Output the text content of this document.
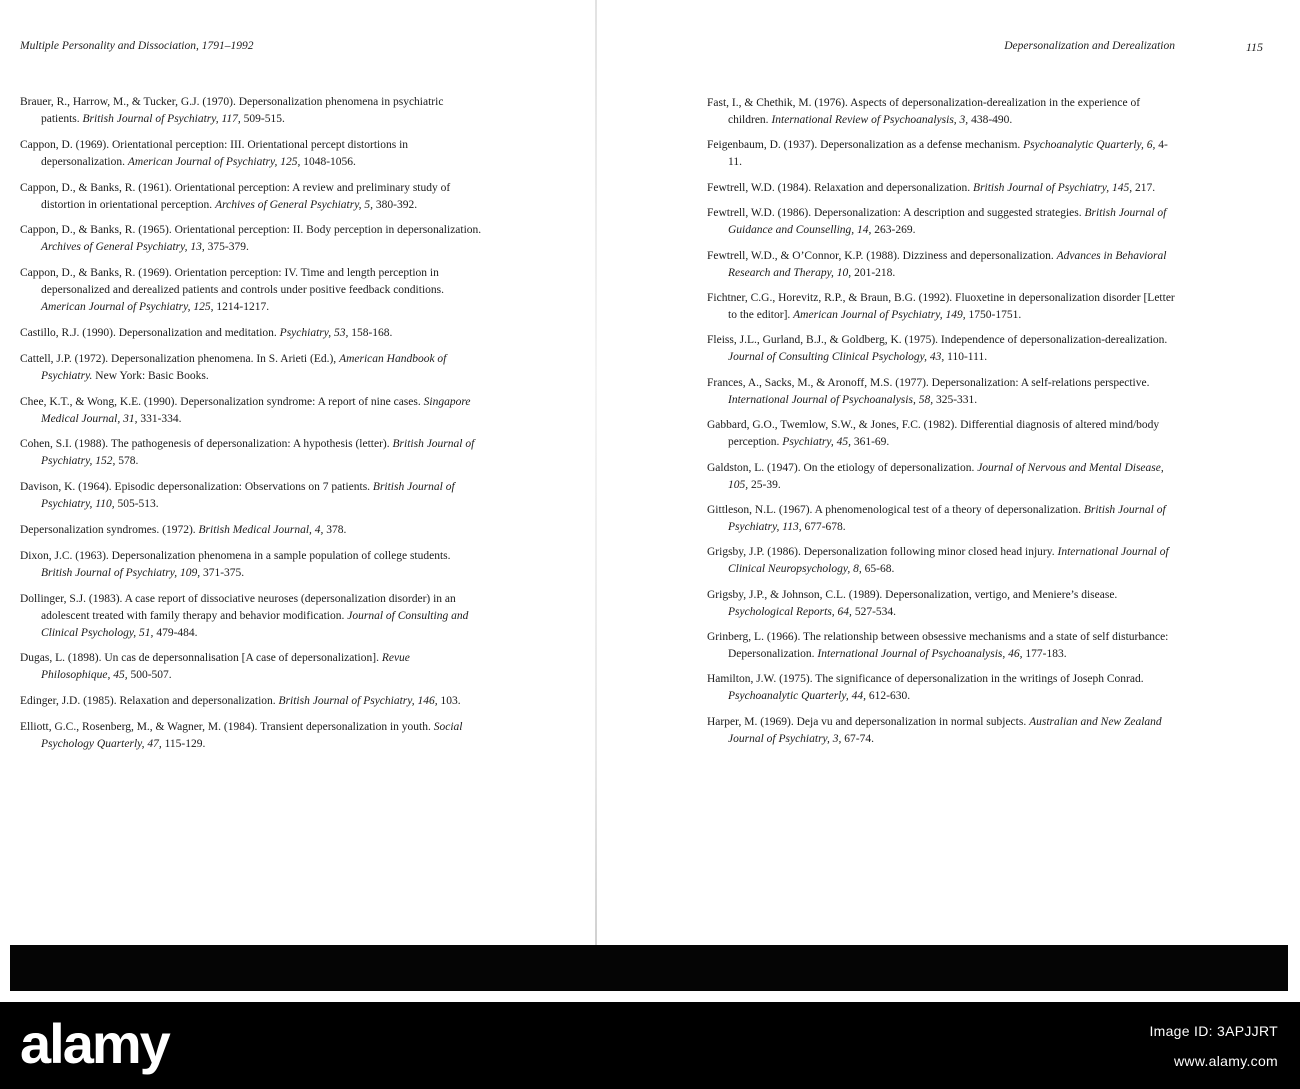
Multiple Personality and Dissociation, 1791–1992	Depersonalization and Derealization	115

Brauer, R., Harrow, M., & Tucker, G.J. (1970). Depersonalization phenomena in psychiatric patients. British Journal of Psychiatry, 117, 509-515.

Cappon, D. (1969). Orientational perception: III. Orientational percept distortions in depersonalization. American Journal of Psychiatry, 125, 1048-1056.

Cappon, D., & Banks, R. (1961). Orientational perception: A review and preliminary study of distortion in orientational perception. Archives of General Psychiatry, 5, 380-392.

Cappon, D., & Banks, R. (1965). Orientational perception: II. Body perception in depersonalization. Archives of General Psychiatry, 13, 375-379.

Cappon, D., & Banks, R. (1969). Orientation perception: IV. Time and length perception in depersonalized and derealized patients and controls under positive feedback conditions. American Journal of Psychiatry, 125, 1214-1217.

Castillo, R.J. (1990). Depersonalization and meditation. Psychiatry, 53, 158-168.

Cattell, J.P. (1972). Depersonalization phenomena. In S. Arieti (Ed.), American Handbook of Psychiatry. New York: Basic Books.

Chee, K.T., & Wong, K.E. (1990). Depersonalization syndrome: A report of nine cases. Singapore Medical Journal, 31, 331-334.

Cohen, S.I. (1988). The pathogenesis of depersonalization: A hypothesis (letter). British Journal of Psychiatry, 152, 578.

Davison, K. (1964). Episodic depersonalization: Observations on 7 patients. British Journal of Psychiatry, 110, 505-513.

Depersonalization syndromes. (1972). British Medical Journal, 4, 378.

Dixon, J.C. (1963). Depersonalization phenomena in a sample population of college students. British Journal of Psychiatry, 109, 371-375.

Dollinger, S.J. (1983). A case report of dissociative neuroses (depersonalization disorder) in an adolescent treated with family therapy and behavior modification. Journal of Consulting and Clinical Psychology, 51, 479-484.

Dugas, L. (1898). Un cas de depersonnalisation [A case of depersonalization]. Revue Philosophique, 45, 500-507.

Edinger, J.D. (1985). Relaxation and depersonalization. British Journal of Psychiatry, 146, 103.

Elliott, G.C., Rosenberg, M., & Wagner, M. (1984). Transient depersonalization in youth. Social Psychology Quarterly, 47, 115-129.

Fast, I., & Chethik, M. (1976). Aspects of depersonalization-derealization in the experience of children. International Review of Psychoanalysis, 3, 438-490.

Feigenbaum, D. (1937). Depersonalization as a defense mechanism. Psychoanalytic Quarterly, 6, 4-11.

Fewtrell, W.D. (1984). Relaxation and depersonalization. British Journal of Psychiatry, 145, 217.

Fewtrell, W.D. (1986). Depersonalization: A description and suggested strategies. British Journal of Guidance and Counselling, 14, 263-269.

Fewtrell, W.D., & O’Connor, K.P. (1988). Dizziness and depersonalization. Advances in Behavioral Research and Therapy, 10, 201-218.

Fichtner, C.G., Horevitz, R.P., & Braun, B.G. (1992). Fluoxetine in depersonalization disorder [Letter to the editor]. American Journal of Psychiatry, 149, 1750-1751.

Fleiss, J.L., Gurland, B.J., & Goldberg, K. (1975). Independence of depersonalization-derealization. Journal of Consulting Clinical Psychology, 43, 110-111.

Frances, A., Sacks, M., & Aronoff, M.S. (1977). Depersonalization: A self-relations perspective. International Journal of Psychoanalysis, 58, 325-331.

Gabbard, G.O., Twemlow, S.W., & Jones, F.C. (1982). Differential diagnosis of altered mind/body perception. Psychiatry, 45, 361-69.

Galdston, L. (1947). On the etiology of depersonalization. Journal of Nervous and Mental Disease, 105, 25-39.

Gittleson, N.L. (1967). A phenomenological test of a theory of depersonalization. British Journal of Psychiatry, 113, 677-678.

Grigsby, J.P. (1986). Depersonalization following minor closed head injury. International Journal of Clinical Neuropsychology, 8, 65-68.

Grigsby, J.P., & Johnson, C.L. (1989). Depersonalization, vertigo, and Meniere’s disease. Psychological Reports, 64, 527-534.

Grinberg, L. (1966). The relationship between obsessive mechanisms and a state of self disturbance: Depersonalization. International Journal of Psychoanalysis, 46, 177-183.

Hamilton, J.W. (1975). The significance of depersonalization in the writings of Joseph Conrad. Psychoanalytic Quarterly, 44, 612-630.

Harper, M. (1969). Deja vu and depersonalization in normal subjects. Australian and New Zealand Journal of Psychiatry, 3, 67-74.

alamy	Image ID: 3APJJRT
www.alamy.com
